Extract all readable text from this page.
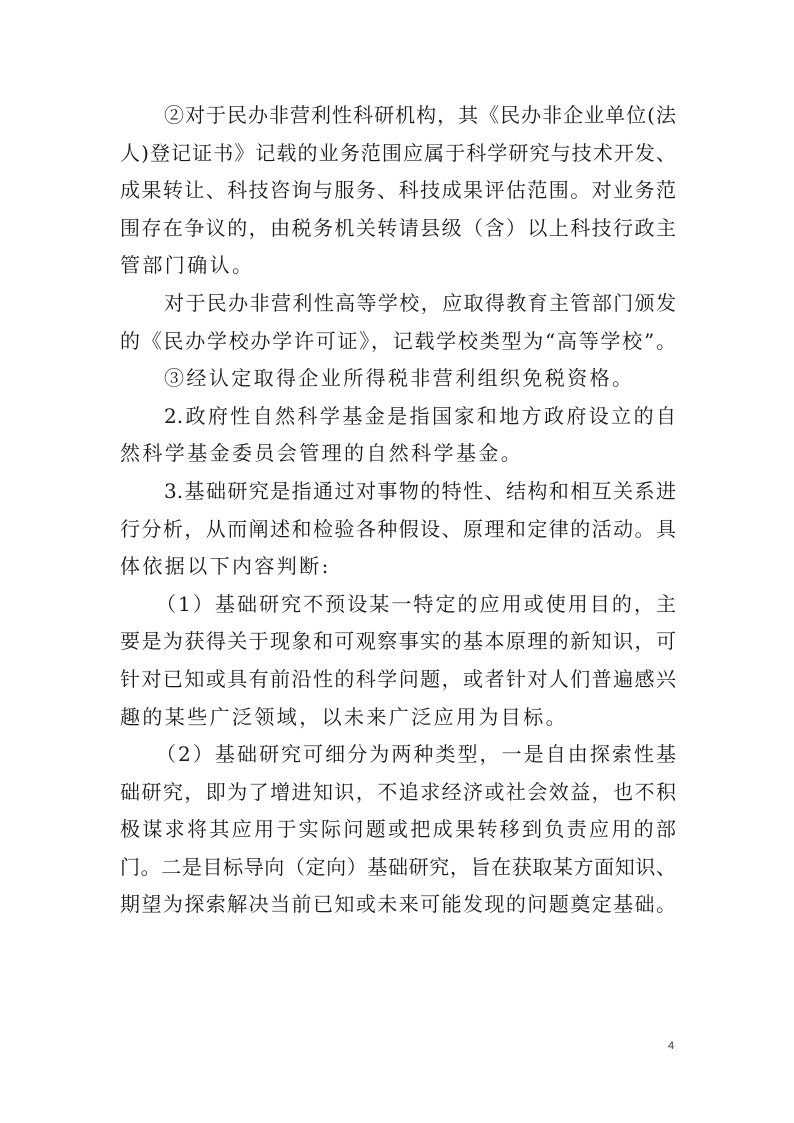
②对于民办非营利性科研机构，其《民办非企业单位(法
人)登记证书》记载的业务范围应属于科学研究与技术开发、
成果转让、科技咨询与服务、科技成果评估范围。对业务范
围存在争议的，由税务机关转请县级（含）以上科技行政主
管部门确认。
对于民办非营利性高等学校，应取得教育主管部门颁发
的《民办学校办学许可证》，记载学校类型为“高等学校”。
③经认定取得企业所得税非营利组织免税资格。
2.政府性自然科学基金是指国家和地方政府设立的自
然科学基金委员会管理的自然科学基金。
3.基础研究是指通过对事物的特性、结构和相互关系进
行分析，从而阐述和检验各种假设、原理和定律的活动。具
体依据以下内容判断:
（1）基础研究不预设某一特定的应用或使用目的，主
要是为获得关于现象和可观察事实的基本原理的新知识，可
针对已知或具有前沿性的科学问题，或者针对人们普遍感兴
趣的某些广泛领域，以未来广泛应用为目标。
（2）基础研究可细分为两种类型，一是自由探索性基
础研究，即为了增进知识，不追求经济或社会效益，也不积
极谋求将其应用于实际问题或把成果转移到负责应用的部
门。二是目标导向（定向）基础研究，旨在获取某方面知识、
期望为探索解决当前已知或未来可能发现的问题奠定基础。
4
